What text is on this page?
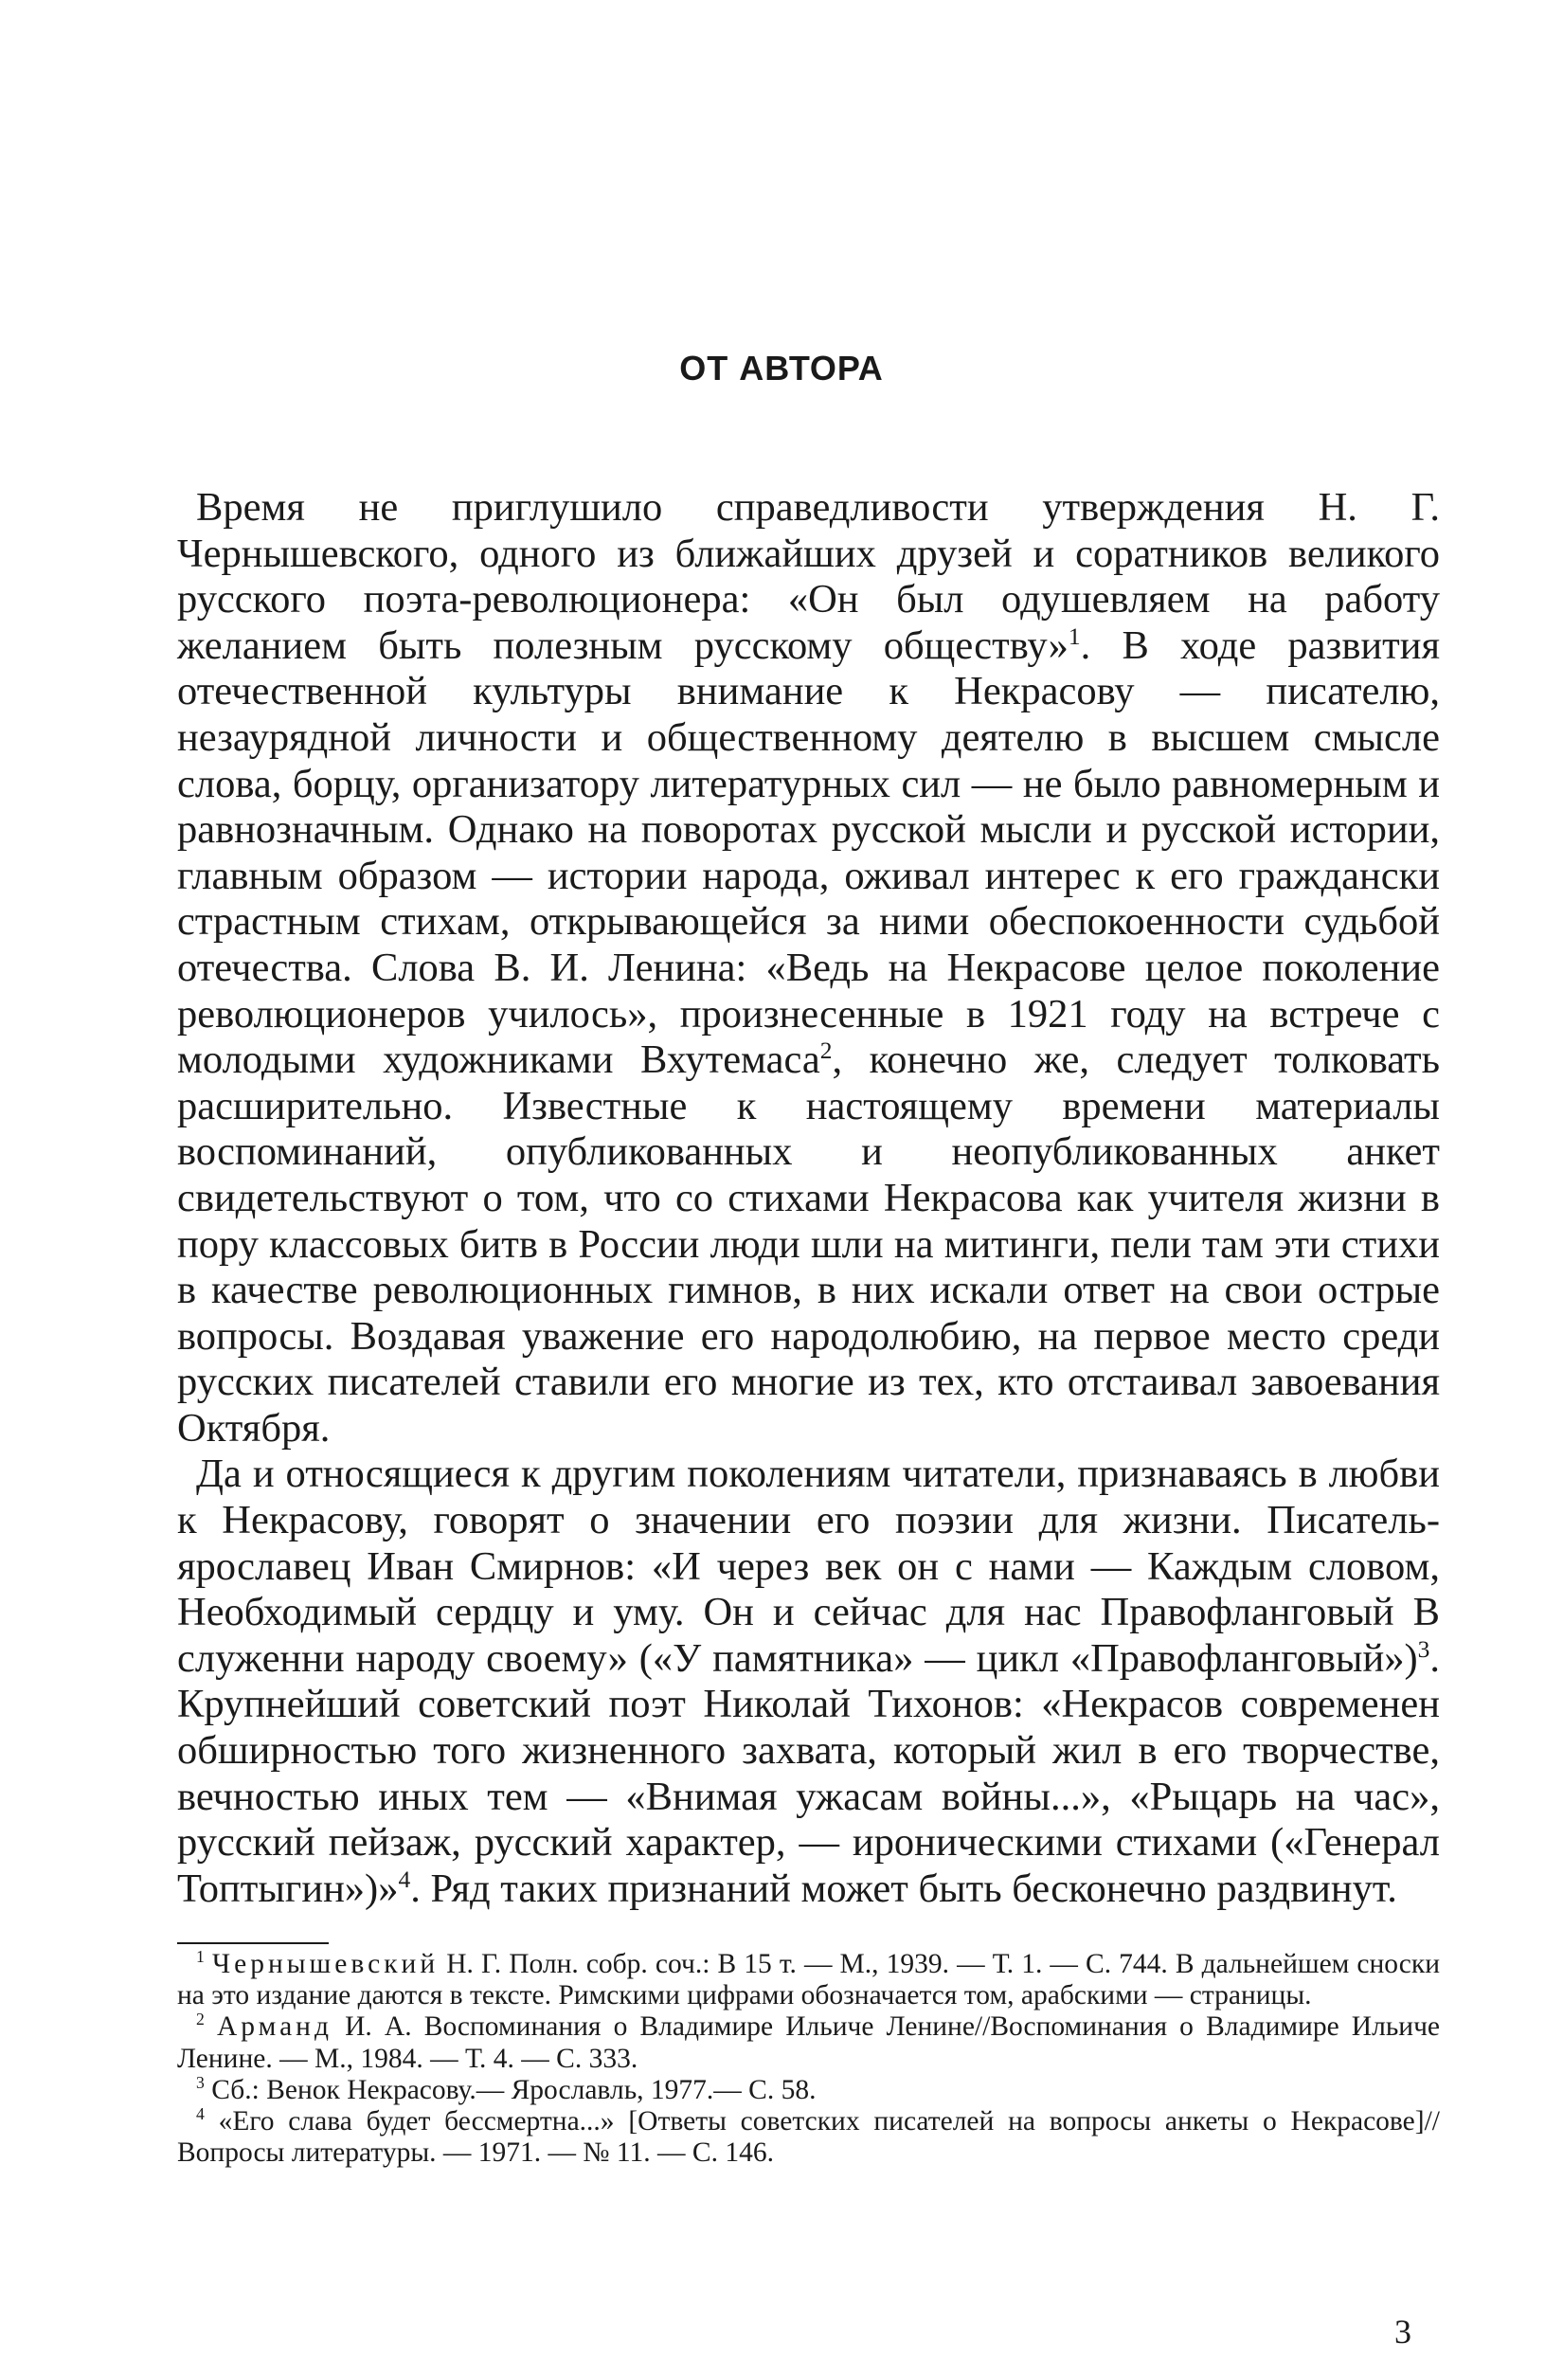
ОТ АВТОРА

Время не приглушило справедливости утверждения Н. Г. Чернышевского, одного из ближайших друзей и соратников великого русского поэта-революционера: «Он был одушевляем на работу желанием быть полезным русскому обществу»$^1$. В ходе развития отечественной культуры внимание к Некрасову — писателю, незаурядной личности и общественному деятелю в высшем смысле слова, борцу, организатору литературных сил — не было равномерным и равнозначным. Однако на поворотах русской мысли и русской истории, главным образом — истории народа, оживал интерес к его граждански страстным стихам, открывающейся за ними обеспокоенности судьбой отечества. Слова В. И. Ленина: «Ведь на Некрасове целое поколение революционеров училось», произнесенные в 1921 году на встрече с молодыми художниками Вхутемаса$^2$, конечно же, следует толковать расширительно. Известные к настоящему времени материалы воспоминаний, опубликованных и неопубликованных анкет свидетельствуют о том, что со стихами Некрасова как учителя жизни в пору классовых битв в России люди шли на митинги, пели там эти стихи в качестве революционных гимнов, в них искали ответ на свои острые вопросы. Воздавая уважение его народолюбию, на первое место среди русских писателей ставили его многие из тех, кто отстаивал завоевания Октября.

Да и относящиеся к другим поколениям читатели, признаваясь в любви к Некрасову, говорят о значении его поэзии для жизни. Писатель-ярославец Иван Смирнов: «И через век он с нами — Каждым словом, Необходимый сердцу и уму. Он и сейчас для нас Правофланговый В служенни народу своему» («У памятника» — цикл «Правофланговый»)$^3$. Крупнейший советский поэт Николай Тихонов: «Некрасов современен обширностью того жизненного захвата, который жил в его творчестве, вечностью иных тем — «Внимая ужасам войны...», «Рыцарь на час», русский пейзаж, русский характер, — ироническими стихами («Генерал Топтыгин»)»$^4$. Ряд таких признаний может быть бесконечно раздвинут.

$^1$ Чернышевский Н. Г. Полн. собр. соч.: В 15 т. — М., 1939. — Т. 1. — С. 744. В дальнейшем сноски на это издание даются в тексте. Римскими цифрами обозначается том, арабскими — страницы.

$^2$ Арманд И. А. Воспоминания о Владимире Ильиче Ленине//Воспоминания о Владимире Ильиче Ленине. — М., 1984. — Т. 4. — С. 333.

$^3$ Сб.: Венок Некрасову.— Ярославль, 1977.— С. 58.

$^4$ «Его слава будет бессмертна...» [Ответы советских писателей на вопросы анкеты о Некрасове]//Вопросы литературы. — 1971. — № 11. — С. 146.

3
